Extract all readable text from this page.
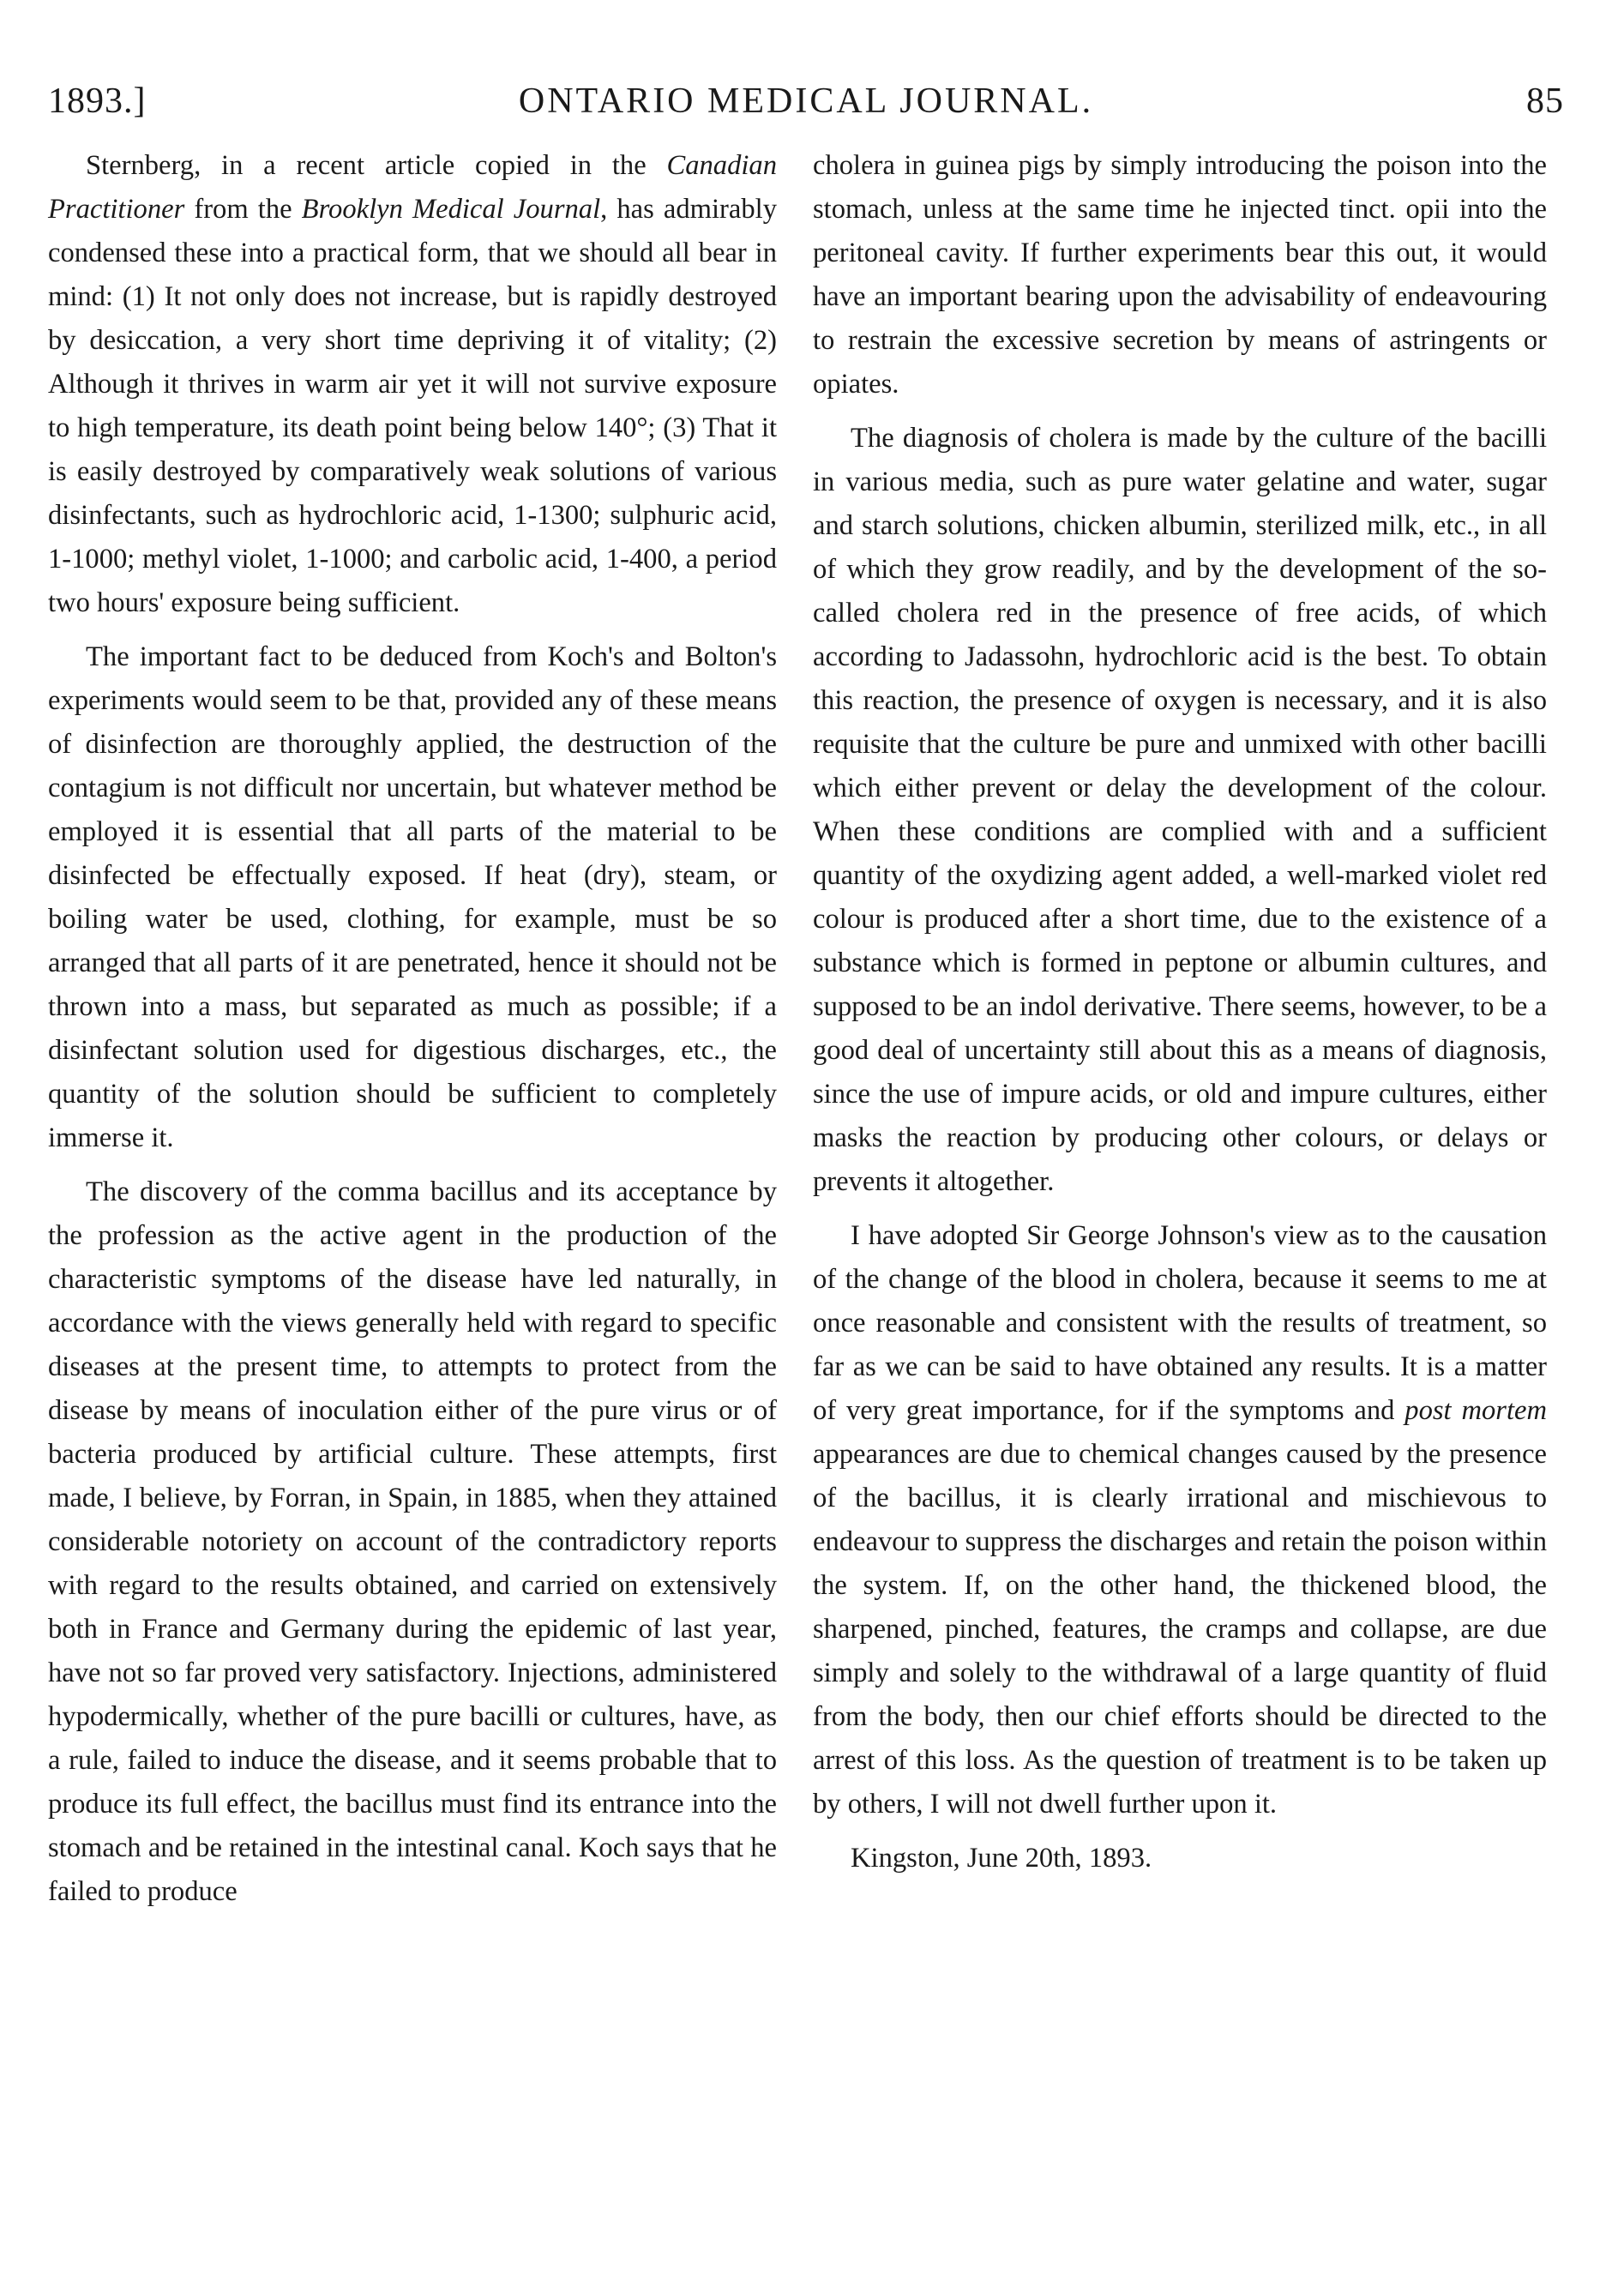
1893.]	ONTARIO MEDICAL JOURNAL.	85

Sternberg, in a recent article copied in the Canadian Practitioner from the Brooklyn Medical Journal, has admirably condensed these into a practical form, that we should all bear in mind: (1) It not only does not increase, but is rapidly destroyed by desiccation, a very short time depriving it of vitality; (2) Although it thrives in warm air yet it will not survive exposure to high temperature, its death point being below 140°; (3) That it is easily destroyed by comparatively weak solutions of various disinfectants, such as hydrochloric acid, 1-1300; sulphuric acid, 1-1000; methyl violet, 1-1000; and carbolic acid, 1-400, a period two hours' exposure being sufficient.

The important fact to be deduced from Koch's and Bolton's experiments would seem to be that, provided any of these means of disinfection are thoroughly applied, the destruction of the contagium is not difficult nor uncertain, but whatever method be employed it is essential that all parts of the material to be disinfected be effectually exposed. If heat (dry), steam, or boiling water be used, clothing, for example, must be so arranged that all parts of it are penetrated, hence it should not be thrown into a mass, but separated as much as possible; if a disinfectant solution used for digestious discharges, etc., the quantity of the solution should be sufficient to completely immerse it.

The discovery of the comma bacillus and its acceptance by the profession as the active agent in the production of the characteristic symptoms of the disease have led naturally, in accordance with the views generally held with regard to specific diseases at the present time, to attempts to protect from the disease by means of inoculation either of the pure virus or of bacteria produced by artificial culture. These attempts, first made, I believe, by Forran, in Spain, in 1885, when they attained considerable notoriety on account of the contradictory reports with regard to the results obtained, and carried on extensively both in France and Germany during the epidemic of last year, have not so far proved very satisfactory. Injections, administered hypodermically, whether of the pure bacilli or cultures, have, as a rule, failed to induce the disease, and it seems probable that to produce its full effect, the bacillus must find its entrance into the stomach and be retained in the intestinal canal. Koch says that he failed to produce

cholera in guinea pigs by simply introducing the poison into the stomach, unless at the same time he injected tinct. opii into the peritoneal cavity. If further experiments bear this out, it would have an important bearing upon the advisability of endeavouring to restrain the excessive secretion by means of astringents or opiates.

The diagnosis of cholera is made by the culture of the bacilli in various media, such as pure water gelatine and water, sugar and starch solutions, chicken albumin, sterilized milk, etc., in all of which they grow readily, and by the development of the so-called cholera red in the presence of free acids, of which according to Jadassohn, hydrochloric acid is the best. To obtain this reaction, the presence of oxygen is necessary, and it is also requisite that the culture be pure and unmixed with other bacilli which either prevent or delay the development of the colour. When these conditions are complied with and a sufficient quantity of the oxydizing agent added, a well-marked violet red colour is produced after a short time, due to the existence of a substance which is formed in peptone or albumin cultures, and supposed to be an indol derivative. There seems, however, to be a good deal of uncertainty still about this as a means of diagnosis, since the use of impure acids, or old and impure cultures, either masks the reaction by producing other colours, or delays or prevents it altogether.

I have adopted Sir George Johnson's view as to the causation of the change of the blood in cholera, because it seems to me at once reasonable and consistent with the results of treatment, so far as we can be said to have obtained any results. It is a matter of very great importance, for if the symptoms and post mortem appearances are due to chemical changes caused by the presence of the bacillus, it is clearly irrational and mischievous to endeavour to suppress the discharges and retain the poison within the system. If, on the other hand, the thickened blood, the sharpened, pinched, features, the cramps and collapse, are due simply and solely to the withdrawal of a large quantity of fluid from the body, then our chief efforts should be directed to the arrest of this loss. As the question of treatment is to be taken up by others, I will not dwell further upon it.

Kingston, June 20th, 1893.
